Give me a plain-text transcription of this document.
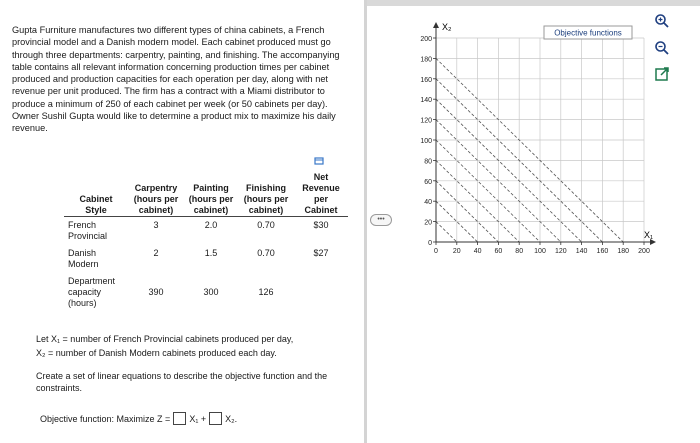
Gupta Furniture manufactures two different types of china cabinets, a French provincial model and a Danish modern model. Each cabinet produced must go through three departments: carpentry, painting, and finishing. The accompanying table contains all relevant information concerning production times per cabinet produced and production capacities for each operation per day, along with net revenue per unit produced. The firm has a contract with a Miami distributor to produce a minimum of 250 of each cabinet per week (or 50 cabinets per day). Owner Sushil Gupta would like to determine a product mix to maximize his daily revenue.
Cabinet Style	Carpentry (hours per cabinet)	Painting (hours per cabinet)	Finishing (hours per cabinet)	Net Revenue per Cabinet
French Provincial	3	2.0	0.70	$30
Danish Modern	2	1.5	0.70	$27
Department capacity (hours)	390	300	126	
Let X₁ = number of French Provincial cabinets produced per day,
X₂ = number of Danish Modern cabinets produced each day.
Create a set of linear equations to describe the objective function and the constraints.
Objective function: Maximize Z = X₁ + X₂.
•••
200
180
160
140
120
100
80
60
40
20
0
0 20 40 60 80 100 120 140 160 180 200
X₂
X₁
Objective functions
